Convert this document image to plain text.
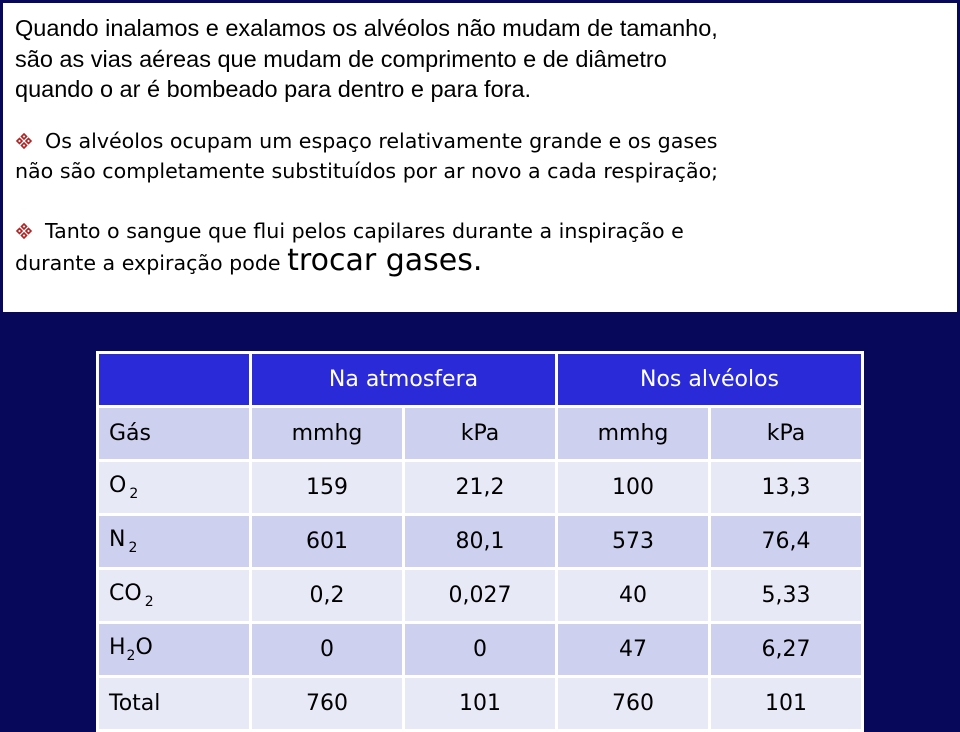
Quando inalamos e exalamos os alvéolos não mudam de tamanho,

são as vias aéreas que mudam de comprimento e de diâmetro

quando o ar é bombeado para dentro e para fora.

Os alvéolos ocupam um espaço relativamente grande e os gases

não são completamente substituídos por ar novo a cada respiração;

Tanto o sangue que flui pelos capilares durante a inspiração e

durante a expiração pode trocar gases.

	Na atmosfera		Nos alvéolos	
Gás	mmhg	kPa	mmhg	kPa
O $_2$	159	21,2	100	13,3
N $_2$	601	80,1	573	76,4
CO $_2$	0,2	0,027	40	5,33
$H_2O$	0	0	47	6,27
Total	760	101	760	101
